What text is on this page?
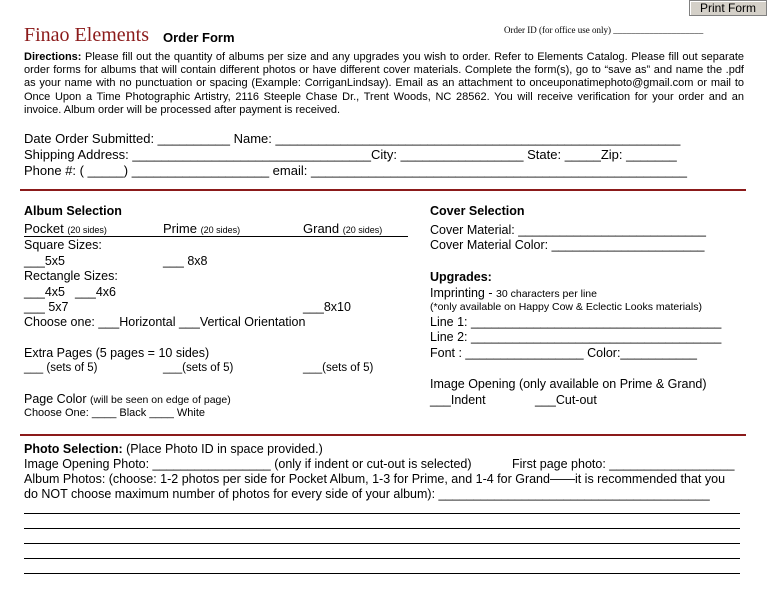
Print Form
Finao Elements Order Form	Order ID (for office use only) ____________________
Directions: Please fill out the quantity of albums per size and any upgrades you wish to order. Refer to Elements Catalog. Please fill out separate order forms for albums that will contain different photos or have different cover materials. Complete the form(s), go to “save as” and name the .pdf as your name with no punctuation or spacing (Example: CorriganLindsay). Email as an attachment to onceuponatimephoto@gmail.com or mail to Once Upon a Time Photographic Artistry, 2116 Steeple Chase Dr., Trent Woods, NC 28562. You will receive verification for your order and an invoice. Album order will be processed after payment is received.
Date Order Submitted: __________ Name: ________________________________________________________
Shipping Address: _________________________________City: _________________ State: _____Zip: _______
Phone #: ( _____) ___________________ email: ____________________________________________________
Album Selection
Pocket (20 sides)	Prime (20 sides)	Grand (20 sides)
Square Sizes:
___5x5	___ 8x8
Rectangle Sizes:
___4x5 ___4x6
___ 5x7	___8x10
Choose one: ___Horizontal ___Vertical Orientation
Extra Pages (5 pages = 10 sides)
___ (sets of 5)	___(sets of 5)	___(sets of 5)
Page Color (will be seen on edge of page)
Choose One: ____ Black ____ White
Cover Selection
Cover Material: ___________________________
Cover Material Color: ______________________
Upgrades:
Imprinting - 30 characters per line
(*only available on Happy Cow & Eclectic Looks materials)
Line 1: ____________________________________
Line 2: ____________________________________
Font : _________________ Color:___________
Image Opening (only available on Prime & Grand)
___Indent	___Cut-out
Photo Selection: (Place Photo ID in space provided.)
Image Opening Photo: _________________ (only if indent or cut-out is selected)	First page photo: __________________
Album Photos: (choose: 1-2 photos per side for Pocket Album, 1-3 for Prime, and 1-4 for Grand——it is recommended that you
do NOT choose maximum number of photos for every side of your album): _______________________________________
